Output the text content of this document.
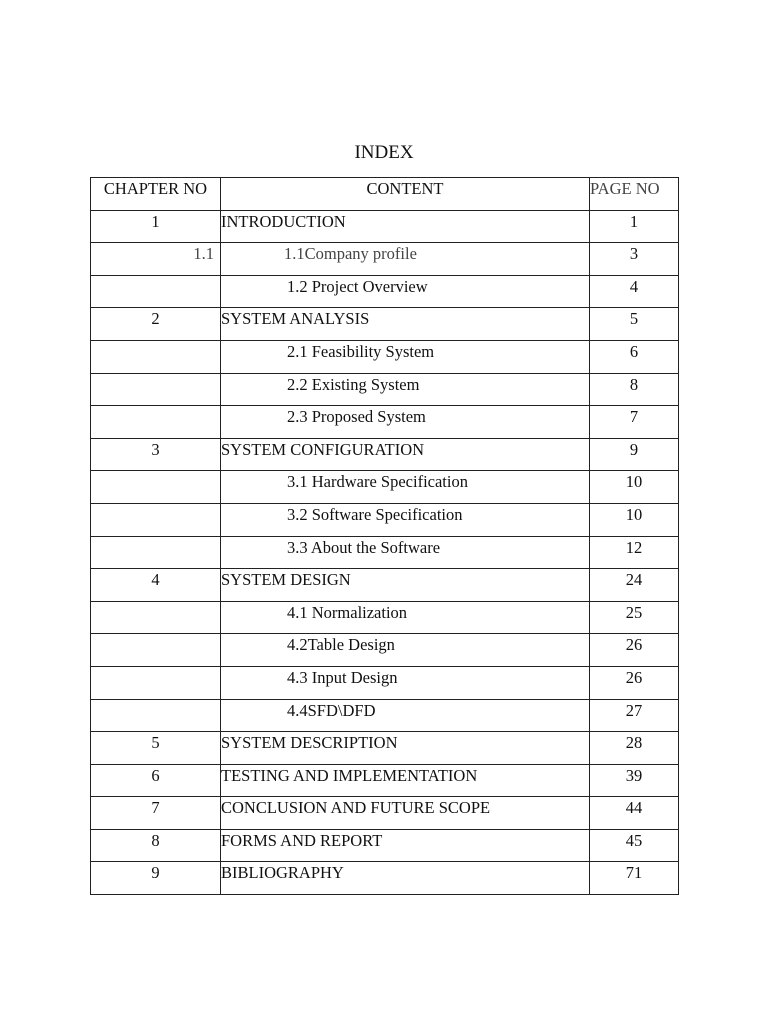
INDEX
CHAPTER NO	CONTENT	PAGE NO
1	INTRODUCTION	1
1.1	1.1Company profile	3
	1.2 Project Overview	4
2	SYSTEM ANALYSIS	5
	2.1 Feasibility System	6
	2.2 Existing System	8
	2.3 Proposed System	7
3	SYSTEM CONFIGURATION	9
	3.1 Hardware Specification	10
	3.2 Software Specification	10
	3.3 About the Software	12
4	SYSTEM DESIGN	24
	4.1 Normalization	25
	4.2Table Design	26
	4.3 Input Design	26
	4.4SFD\DFD	27
5	SYSTEM DESCRIPTION	28
6	TESTING AND IMPLEMENTATION	39
7	CONCLUSION AND FUTURE SCOPE	44
8	FORMS AND REPORT	45
9	BIBLIOGRAPHY	71
